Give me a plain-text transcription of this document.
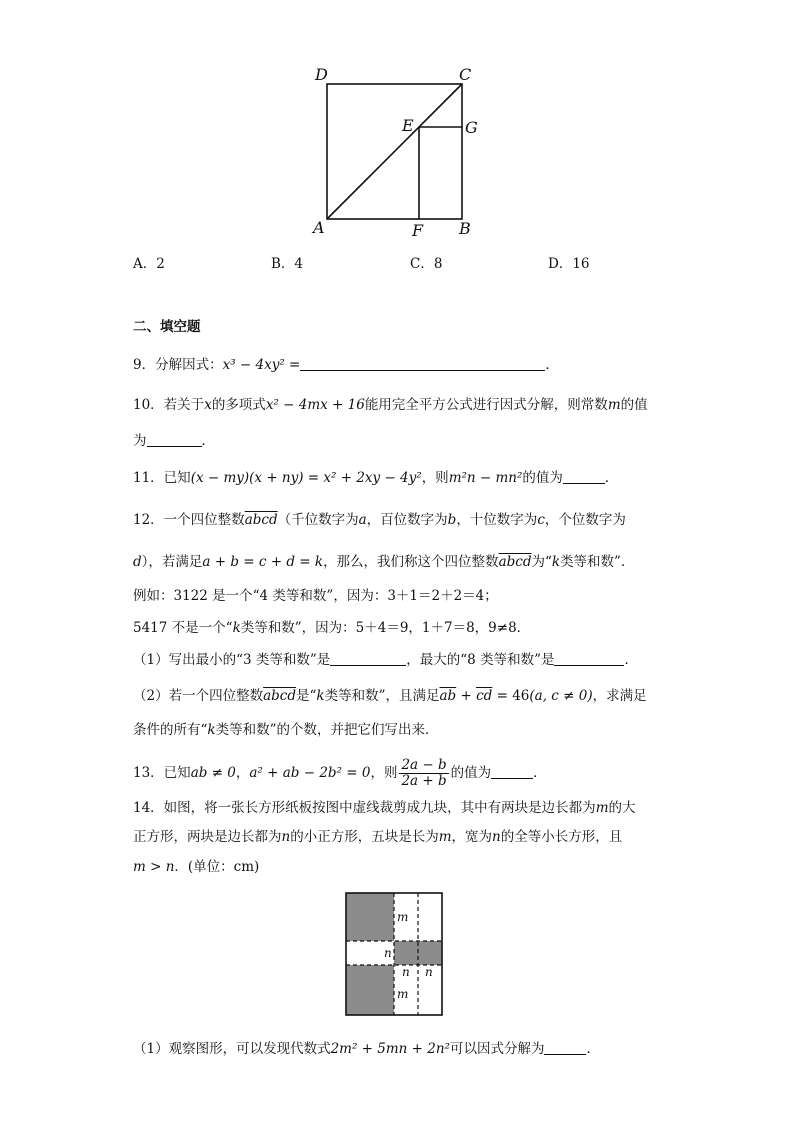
D	C
E	G
A	F B
A．2	B．4	C．8	D．16
二、填空题
9．分解因式：x³ − 4xy² =	．
10．若关于x的多项式x² − 4mx + 16能用完全平方公式进行因式分解，则常数m的值
为	．
11．已知(x − my)(x + ny) = x² + 2xy − 4y²，则m²n − mn²的值为	．
12．一个四位整数abcd（千位数字为a，百位数字为b，十位数字为c，个位数字为
d），若满足a + b = c + d = k，那么，我们称这个四位整数abcd为“k类等和数”．
例如：3122 是一个“4 类等和数”，因为：3＋1＝2＋2＝4；
5417 不是一个“k类等和数”，因为：5＋4＝9，1＋7＝8，9≠8．
（1）写出最小的“3 类等和数”是	，最大的“8 类等和数”是	．
（2）若一个四位整数abcd是“k类等和数”，且满足$\overline{ab} + \overline{cd} = 46(a$, c ≠ 0)，求满足
条件的所有“k类等和数”的个数，并把它们写出来．
13．已知ab ≠ 0，a² + ab − 2b² = 0，则 $\frac{2a - b}{2a + b}$ 的值为	．
14．如图，将一张长方形纸板按图中虚线裁剪成九块，其中有两块是边长都为m的大
正方形，两块是边长都为n的小正方形，五块是长为m，宽为n的全等小长方形，且
m > n．(单位：cm)
m
n
n n
m
（1）观察图形，可以发现代数式2m² + 5mn + 2n²可以因式分解为	．
